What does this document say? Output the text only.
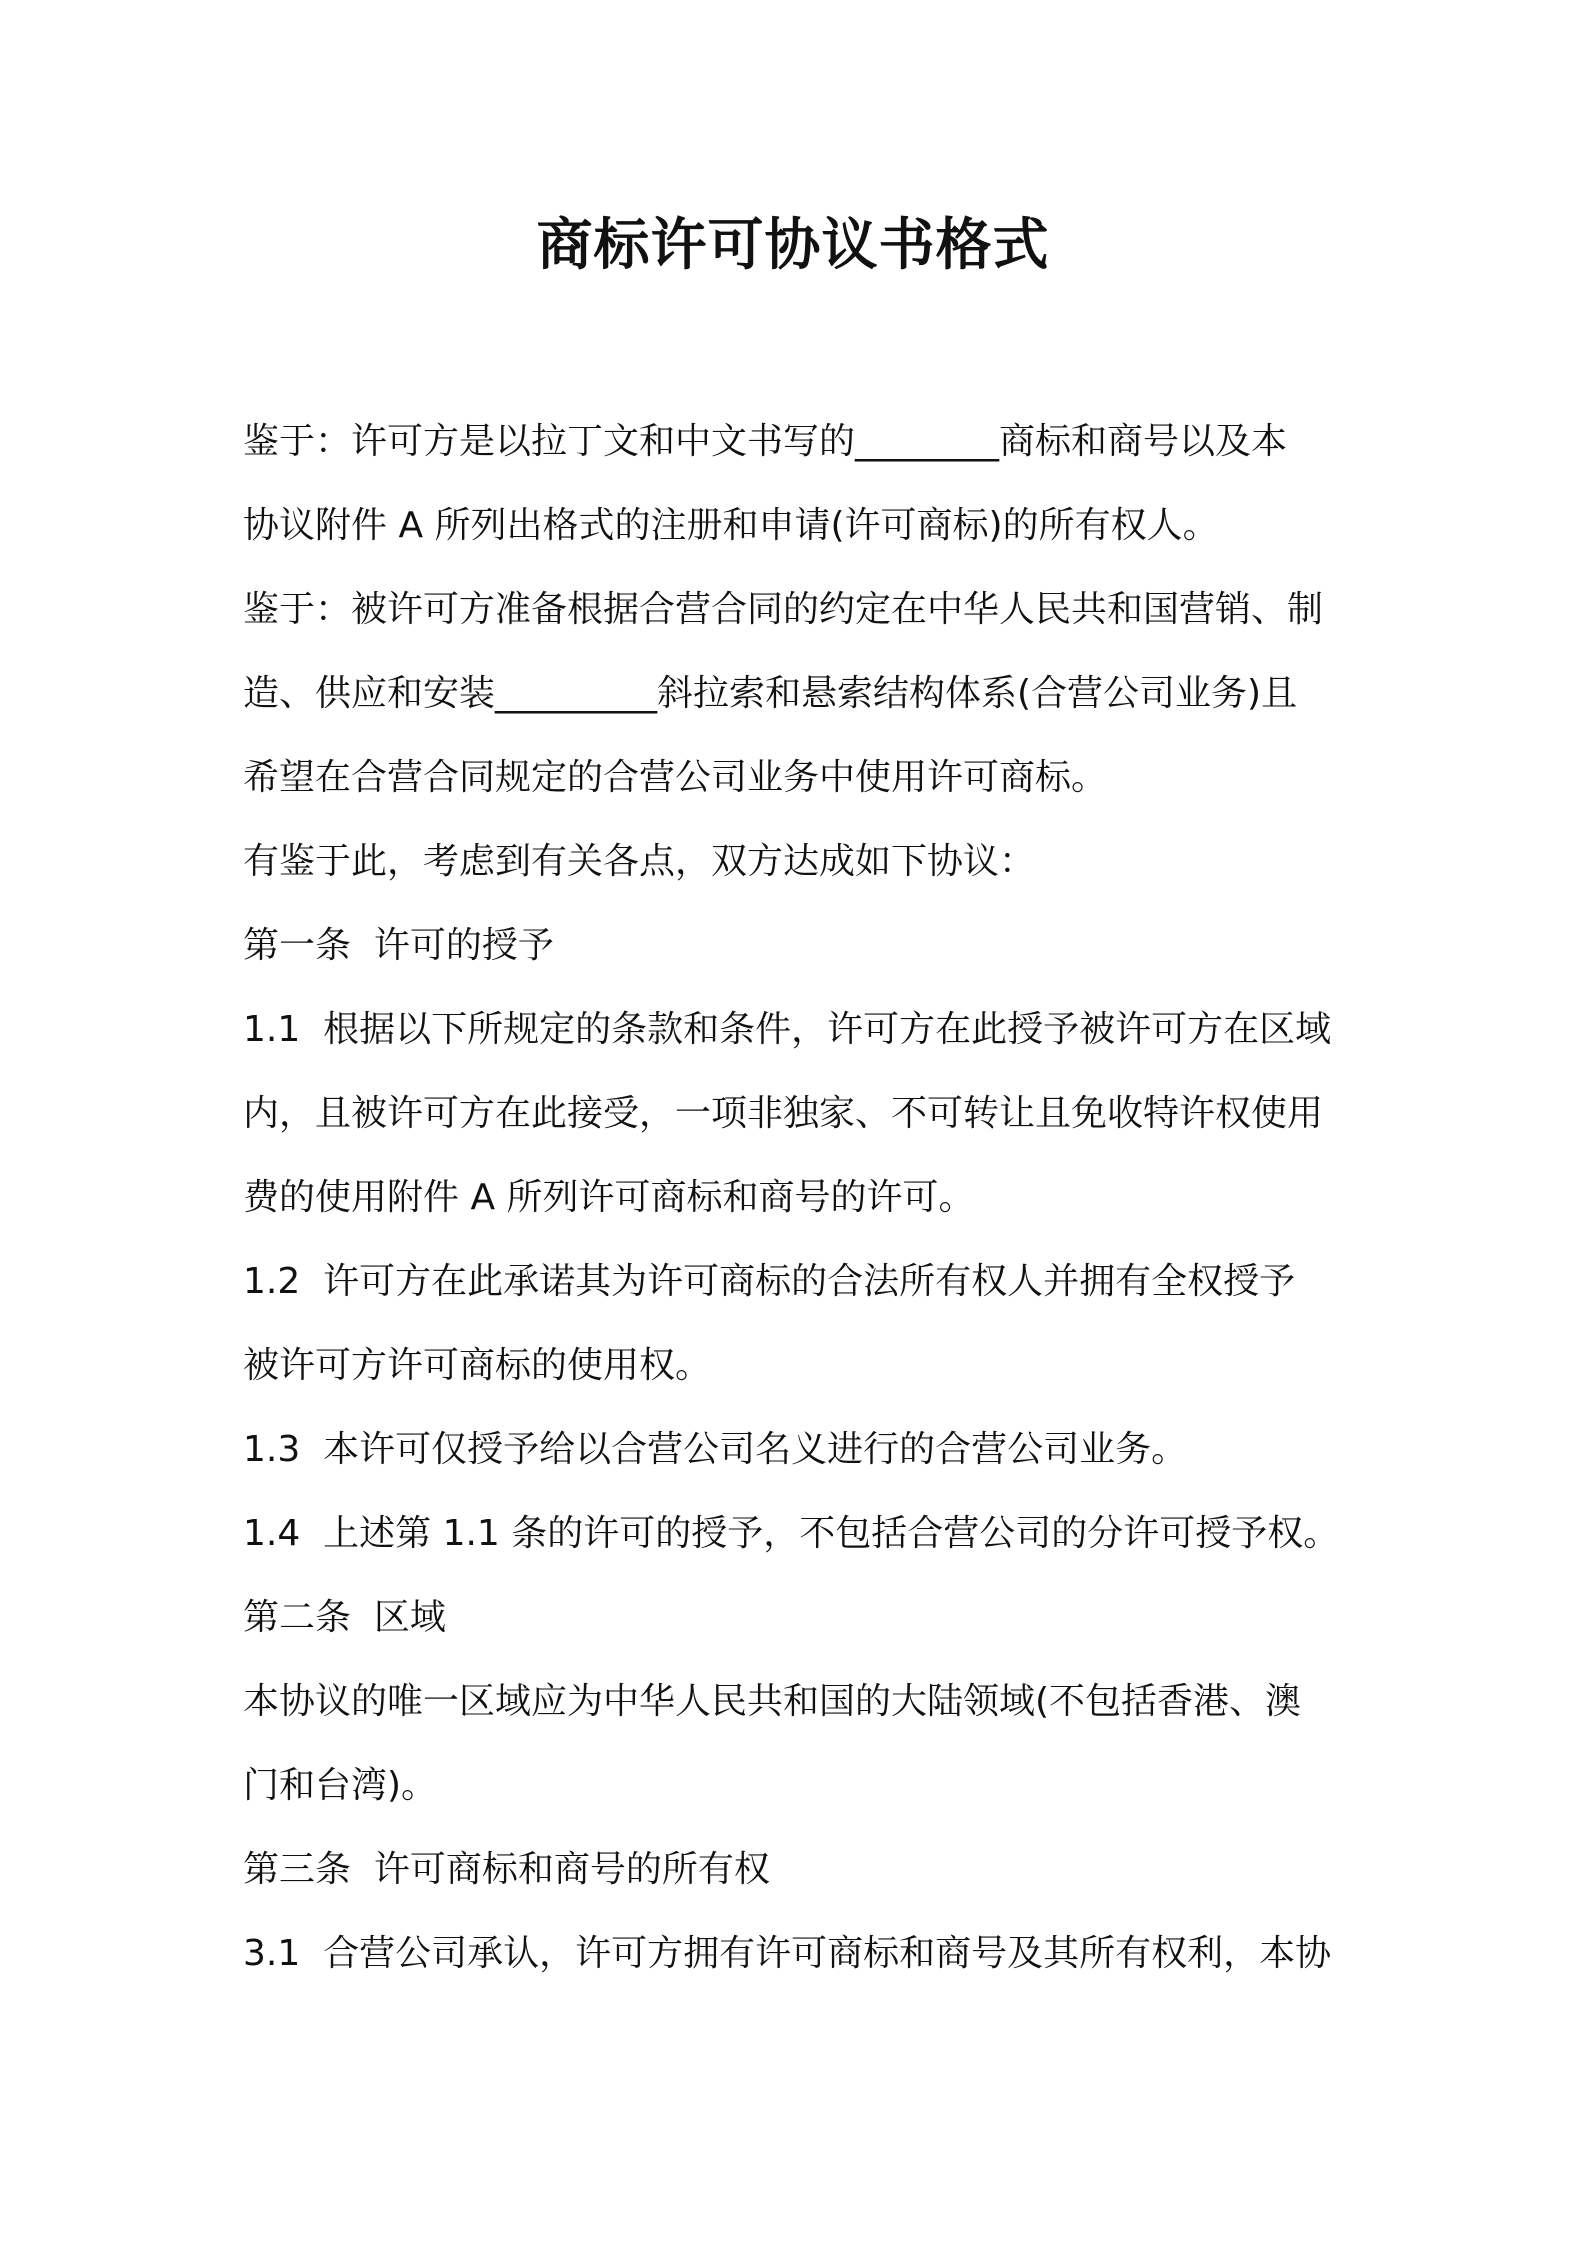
商标许可协议书格式
鉴于：许可方是以拉丁文和中文书写的________商标和商号以及本
协议附件 A 所列出格式的注册和申请(许可商标)的所有权人。
鉴于：被许可方准备根据合营合同的约定在中华人民共和国营销、制
造、供应和安装_________斜拉索和悬索结构体系(合营公司业务)且
希望在合营合同规定的合营公司业务中使用许可商标。
有鉴于此，考虑到有关各点，双方达成如下协议：
第一条  许可的授予
1.1  根据以下所规定的条款和条件，许可方在此授予被许可方在区域
内，且被许可方在此接受，一项非独家、不可转让且免收特许权使用
费的使用附件 A 所列许可商标和商号的许可。
1.2  许可方在此承诺其为许可商标的合法所有权人并拥有全权授予
被许可方许可商标的使用权。
1.3  本许可仅授予给以合营公司名义进行的合营公司业务。
1.4  上述第 1.1 条的许可的授予，不包括合营公司的分许可授予权。
第二条  区域
本协议的唯一区域应为中华人民共和国的大陆领域(不包括香港、澳
门和台湾)。
第三条  许可商标和商号的所有权
3.1  合营公司承认，许可方拥有许可商标和商号及其所有权利，本协
